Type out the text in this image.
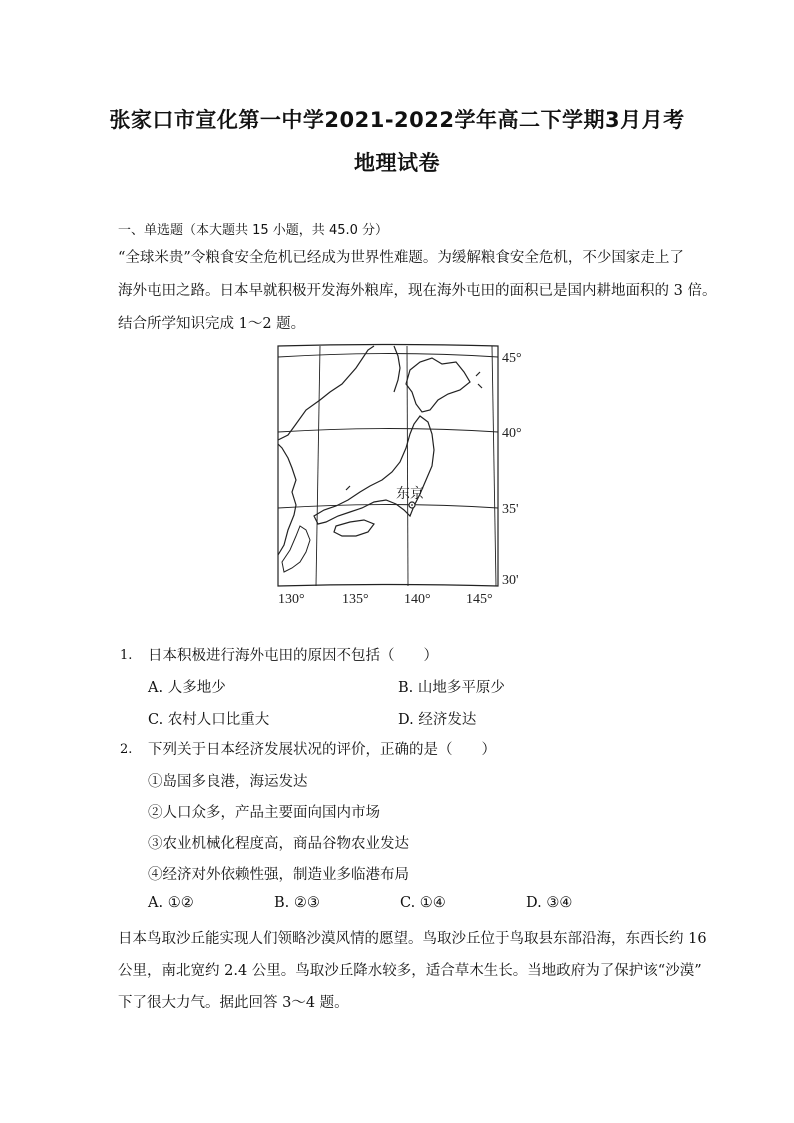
张家口市宣化第一中学2021-2022学年高二下学期3月月考
地理试卷
一、单选题（本大题共 15 小题，共 45.0 分）
“全球米贵”令粮食安全危机已经成为世界性难题。为缓解粮食安全危机，不少国家走上了
海外屯田之路。日本早就积极开发海外粮库，现在海外屯田的面积已是国内耕地面积的 3 倍。
结合所学知识完成 1～2 题。
东京
45°
40°
35'
30'
130°	135°	140°	145°
1. 日本积极进行海外屯田的原因不包括（　　）
A. 人多地少	B. 山地多平原少
C. 农村人口比重大	D. 经济发达
2. 下列关于日本经济发展状况的评价，正确的是（　　）
①岛国多良港，海运发达
②人口众多，产品主要面向国内市场
③农业机械化程度高，商品谷物农业发达
④经济对外依赖性强，制造业多临港布局
A. ①②	B. ②③	C. ①④	D. ③④
日本鸟取沙丘能实现人们领略沙漠风情的愿望。鸟取沙丘位于鸟取县东部沿海，东西长约 16
公里，南北宽约 2.4 公里。鸟取沙丘降水较多，适合草木生长。当地政府为了保护该“沙漠”
下了很大力气。据此回答 3～4 题。
